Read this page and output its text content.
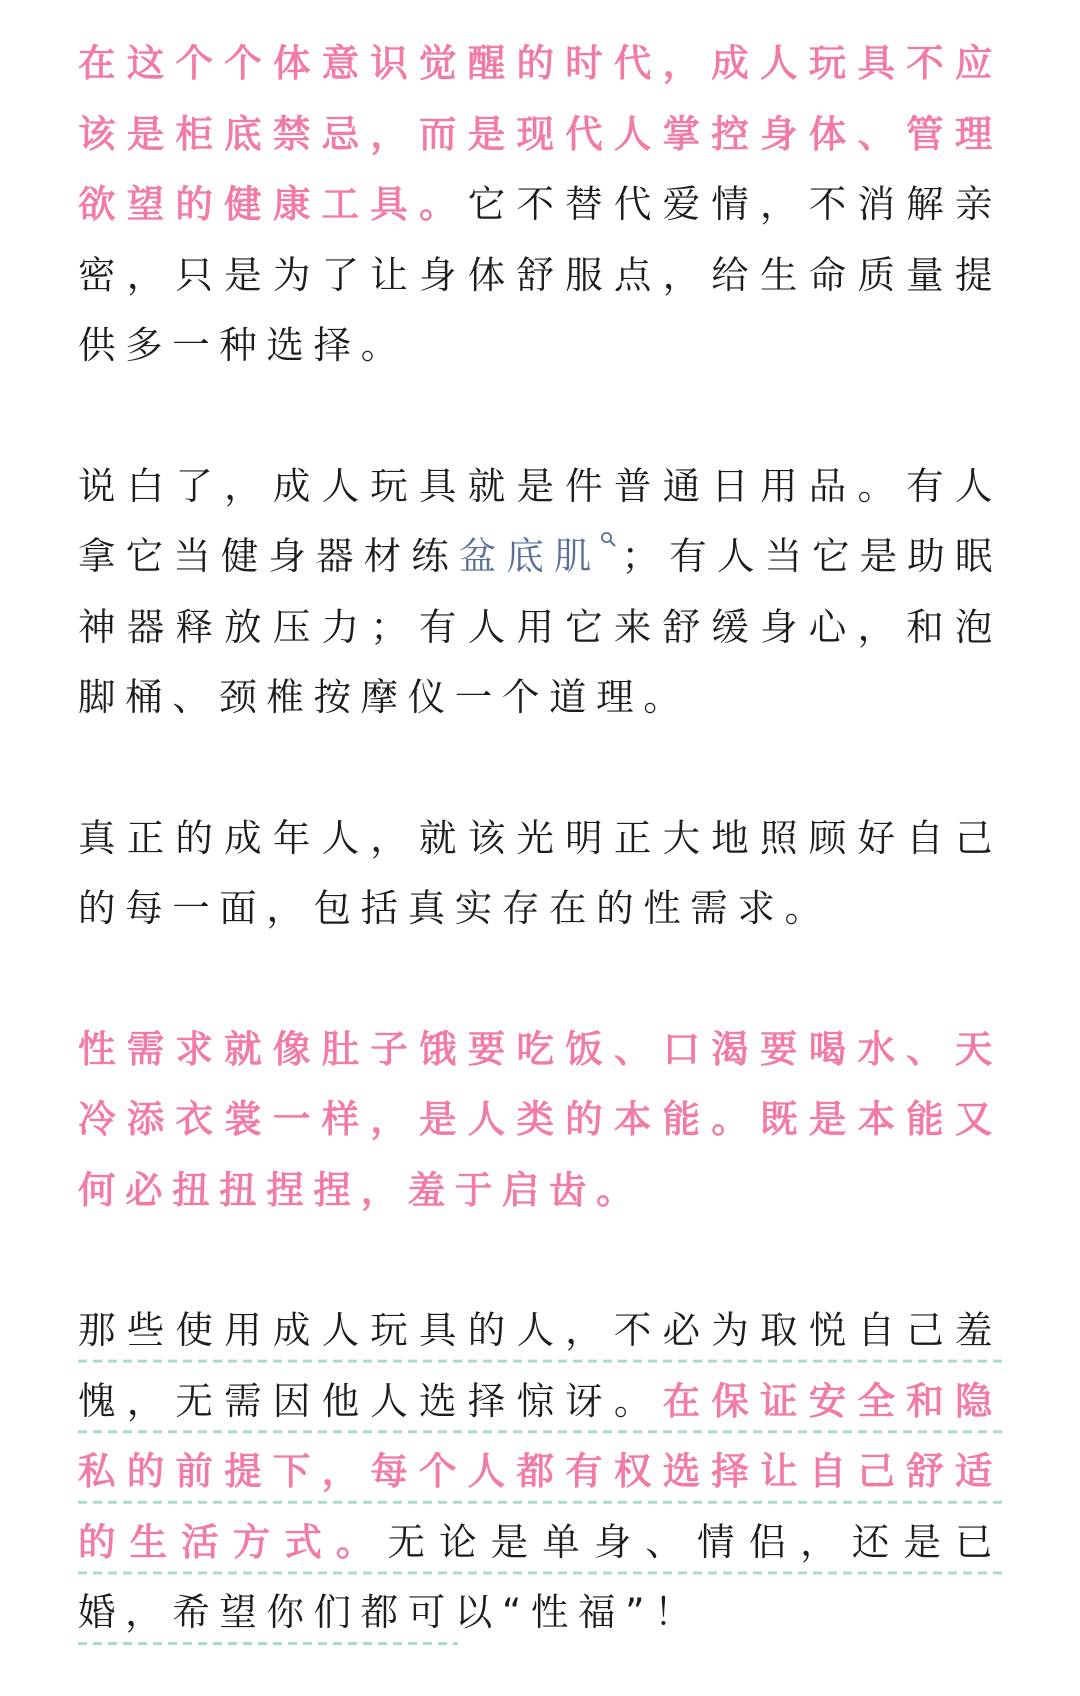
在这个个体意识觉醒的时代，成人玩具不应该是柜底禁忌，而是现代人掌控身体、管理欲望的健康工具。它不替代爱情，不消解亲密，只是为了让身体舒服点，给生命质量提供多一种选择。

说白了，成人玩具就是件普通日用品。有人拿它当健身器材练盆底肌 ；有人当它是助眠神器释放压力；有人用它来舒缓身心，和泡脚桶、颈椎按摩仪一个道理。

真正的成年人，就该光明正大地照顾好自己的每一面，包括真实存在的性需求。

性需求就像肚子饿要吃饭、口渴要喝水、天冷添衣裳一样，是人类的本能。既是本能又何必扭扭捏捏，羞于启齿。

那些使用成人玩具的人，不必为取悦自己羞愧，无需因他人选择惊讶。在保证安全和隐私的前提下，每个人都有权选择让自己舒适的生活方式。无论是单身、情侣，还是已婚，希望你们都可以“性福”！
